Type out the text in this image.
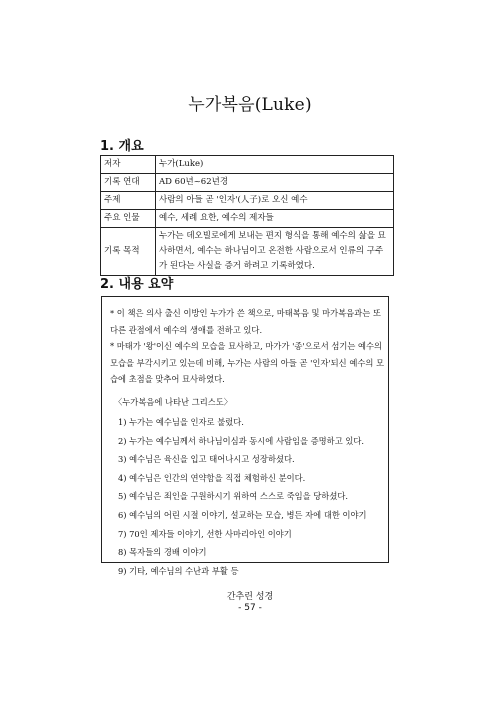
누가복음(Luke)
1. 개요
저자	누가(Luke)
기록 연대	AD 60년~62년경
주제	사람의 아들 곧 '인자'(人子)로 오신 예수
주요 인물	예수, 세례 요한, 예수의 제자들
기록 목적	누가는 데오빌로에게 보내는 편지 형식을 통해 예수의 삶을 묘사하면서, 예수는 하나님이고 온전한 사람으로서 인류의 구주가 된다는 사실을 증거 하려고 기록하였다.
2. 내용 요약

* 이 책은 의사 출신 이방인 누가가 쓴 책으로, 마태복음 및 마가복음과는 또 다른 관점에서 예수의 생애를 전하고 있다.

* 마태가 '왕'이신 예수의 모습을 묘사하고, 마가가 '종'으로서 섬기는 예수의 모습을 부각시키고 있는데 비해, 누가는 사람의 아들 곧 '인자'되신 예수의 모습에 초점을 맞추어 묘사하였다.

〈누가복음에 나타난 그리스도〉

1) 누가는 예수님을 인자로 불렀다.
2) 누가는 예수님께서 하나님이심과 동시에 사람임을 증명하고 있다.
3) 예수님은 육신을 입고 태어나시고 성장하셨다.
4) 예수님은 인간의 연약함을 직접 체험하신 분이다.
5) 예수님은 죄인을 구원하시기 위하여 스스로 죽임을 당하셨다.
6) 예수님의 어린 시절 이야기, 설교하는 모습, 병든 자에 대한 이야기
7) 70인 제자들 이야기, 선한 사마리아인 이야기
8) 목자들의 경배 이야기
9) 기타, 예수님의 수난과 부활 등
간추린 성경
- 57 -
